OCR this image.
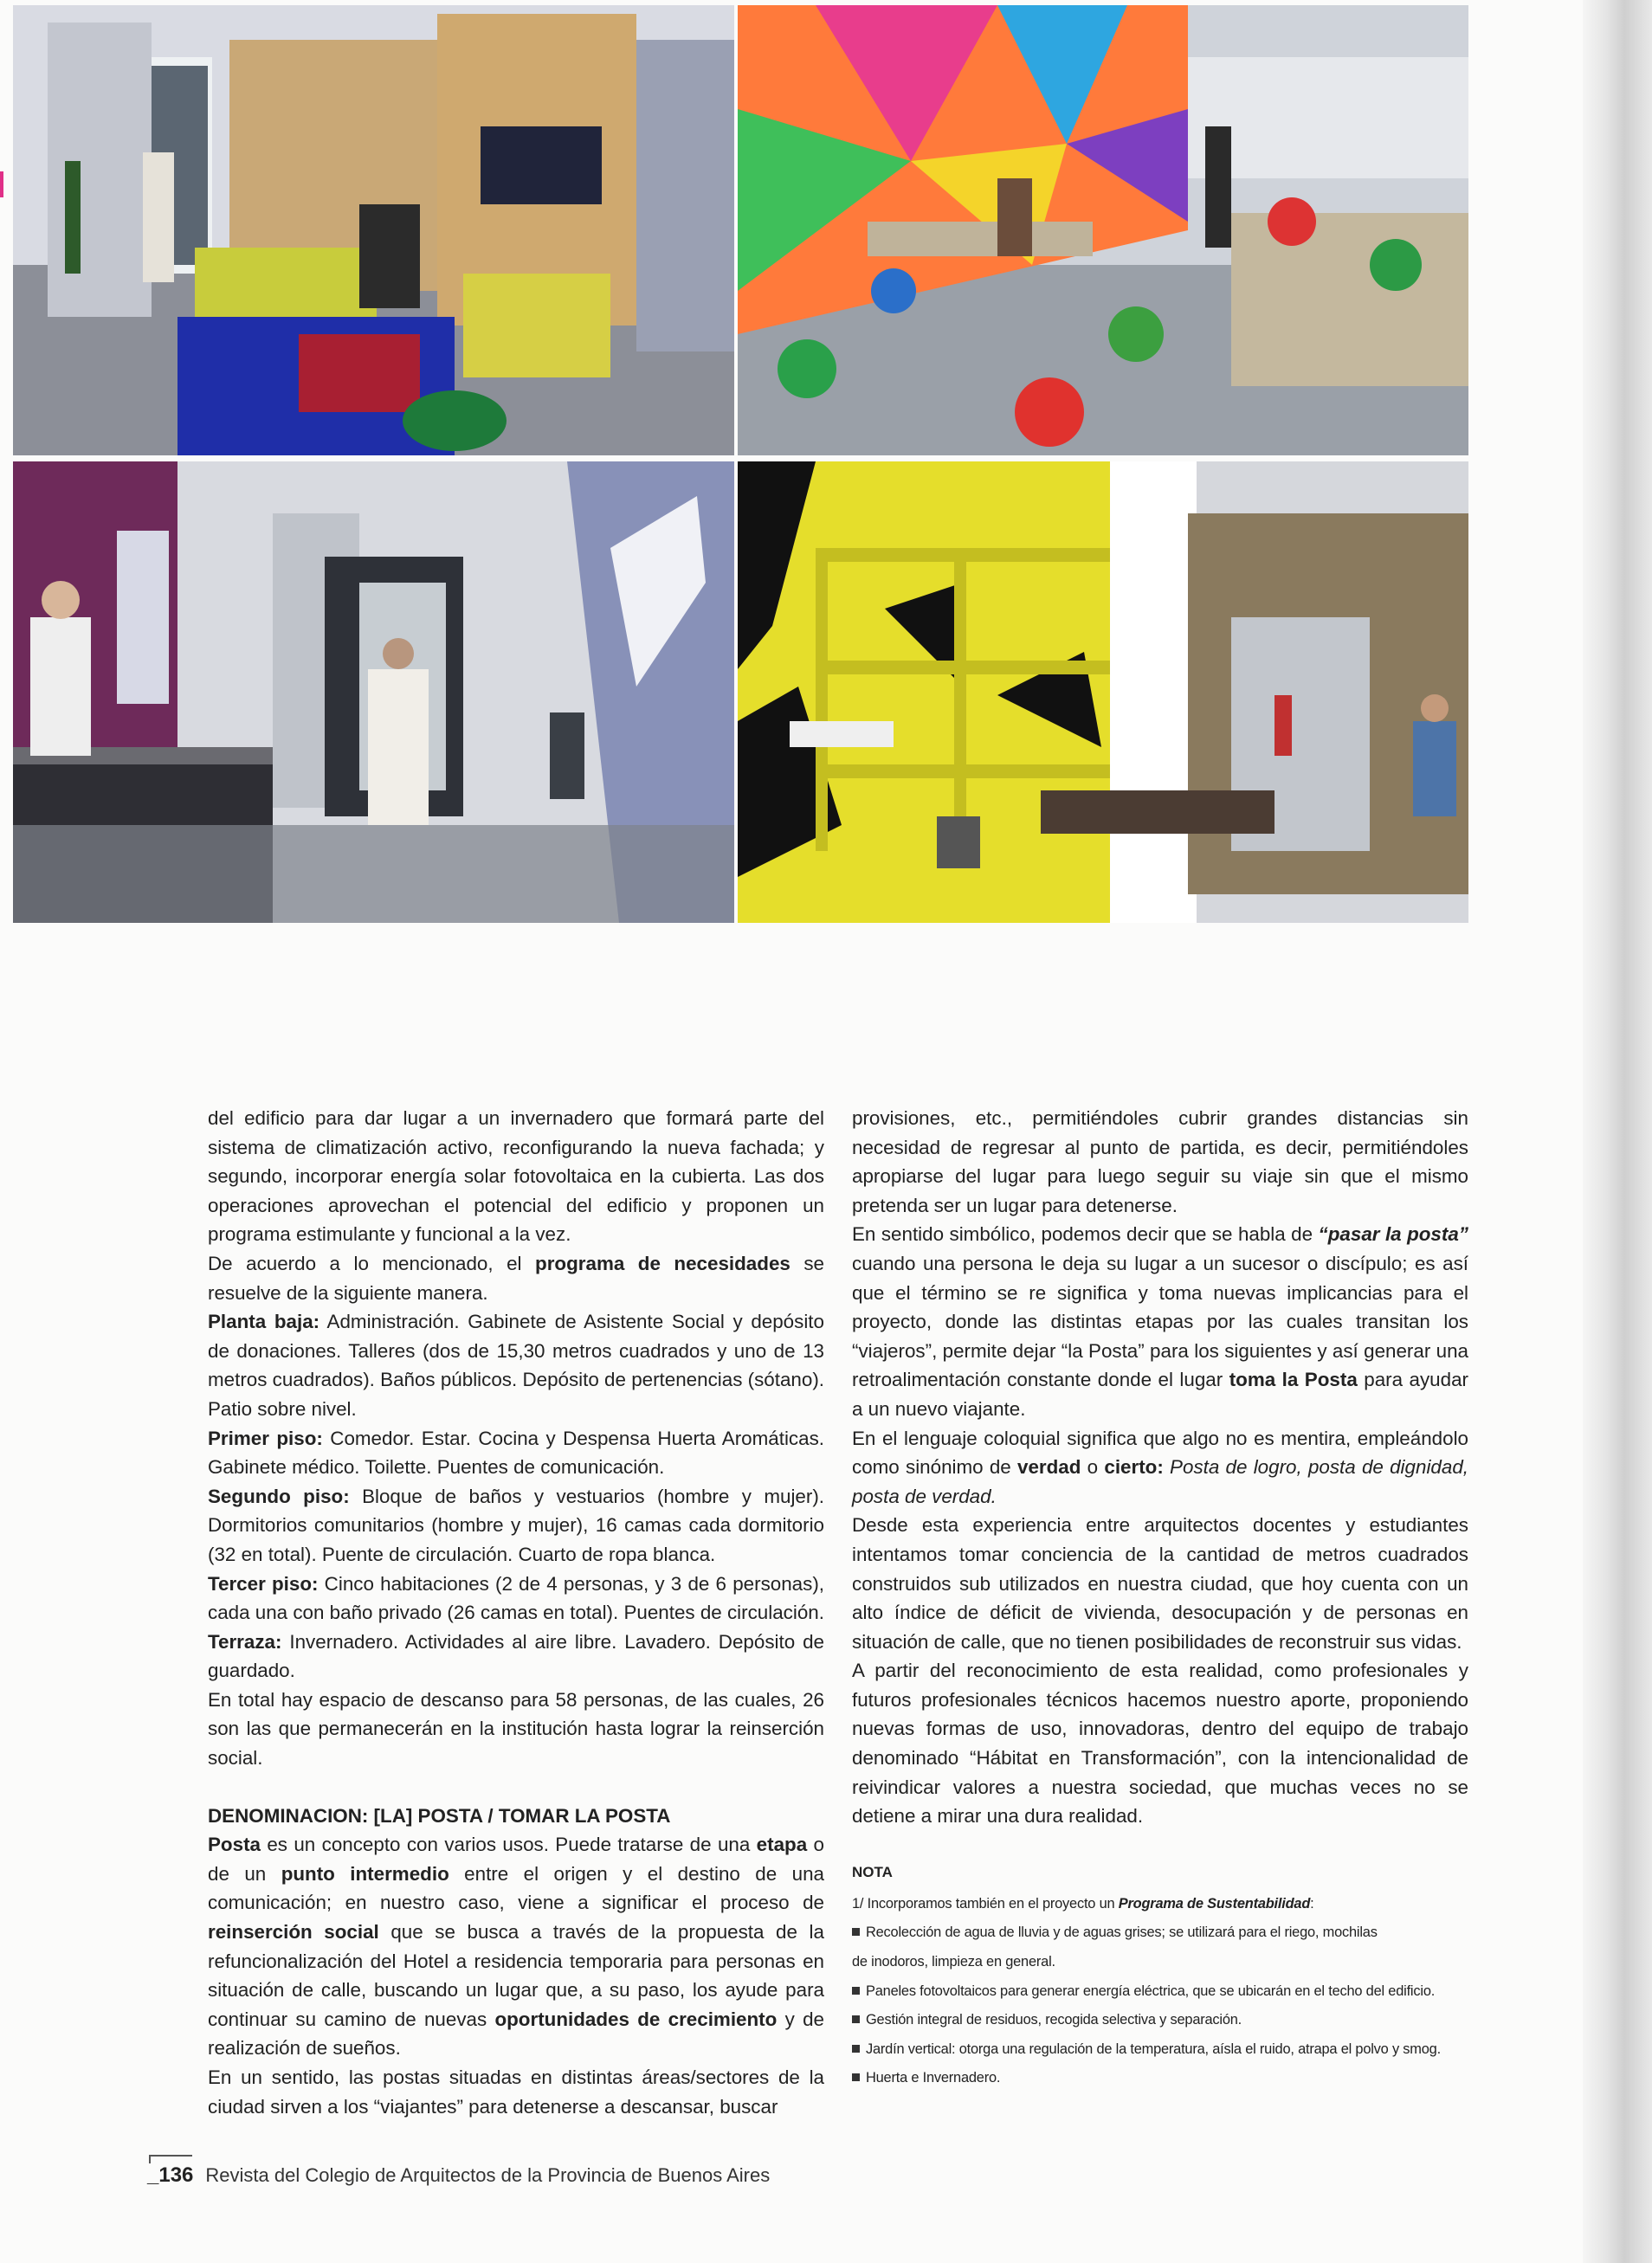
del edificio para dar lugar a un invernadero que formará parte del sistema de climatización activo, reconfigurando la nueva fachada; y segundo, incorporar energía solar fotovoltaica en la cubierta. Las dos operaciones aprovechan el potencial del edificio y proponen un programa estimulante y funcional a la vez.

De acuerdo a lo mencionado, el programa de necesidades se resuelve de la siguiente manera.

Planta baja: Administración. Gabinete de Asistente Social y depósito de donaciones. Talleres (dos de 15,30 metros cuadrados y uno de 13 metros cuadrados). Baños públicos. Depósito de pertenencias (sótano). Patio sobre nivel.

Primer piso: Comedor. Estar. Cocina y Despensa Huerta Aromáticas. Gabinete médico. Toilette. Puentes de comunicación.

Segundo piso: Bloque de baños y vestuarios (hombre y mujer). Dormitorios comunitarios (hombre y mujer), 16 camas cada dormitorio (32 en total). Puente de circulación. Cuarto de ropa blanca.

Tercer piso: Cinco habitaciones (2 de 4 personas, y 3 de 6 personas), cada una con baño privado (26 camas en total). Puentes de circulación.

Terraza: Invernadero. Actividades al aire libre. Lavadero. Depósito de guardado.

En total hay espacio de descanso para 58 personas, de las cuales, 26 son las que permanecerán en la institución hasta lograr la reinserción social.

DENOMINACION: [LA] POSTA / TOMAR LA POSTA

Posta es un concepto con varios usos. Puede tratarse de una etapa o de un punto intermedio entre el origen y el destino de una comunicación; en nuestro caso, viene a significar el proceso de reinserción social que se busca a través de la propuesta de la refuncionalización del Hotel a residencia temporaria para personas en situación de calle, buscando un lugar que, a su paso, los ayude para continuar su camino de nuevas oportunidades de crecimiento y de realización de sueños.

En un sentido, las postas situadas en distintas áreas/sectores de la ciudad sirven a los “viajantes” para detenerse a descansar, buscar

provisiones, etc., permitiéndoles cubrir grandes distancias sin necesidad de regresar al punto de partida, es decir, permitiéndoles apropiarse del lugar para luego seguir su viaje sin que el mismo pretenda ser un lugar para detenerse.

En sentido simbólico, podemos decir que se habla de “pasar la posta” cuando una persona le deja su lugar a un sucesor o discípulo; es así que el término se re significa y toma nuevas implicancias para el proyecto, donde las distintas etapas por las cuales transitan los “viajeros”, permite dejar “la Posta” para los siguientes y así generar una retroalimentación constante donde el lugar toma la Posta para ayudar a un nuevo viajante.

En el lenguaje coloquial significa que algo no es mentira, empleándolo como sinónimo de verdad o cierto: Posta de logro, posta de dignidad, posta de verdad.

Desde esta experiencia entre arquitectos docentes y estudiantes intentamos tomar conciencia de la cantidad de metros cuadrados construidos sub utilizados en nuestra ciudad, que hoy cuenta con un alto índice de déficit de vivienda, desocupación y de personas en situación de calle, que no tienen posibilidades de reconstruir sus vidas.

A partir del reconocimiento de esta realidad, como profesionales y futuros profesionales técnicos hacemos nuestro aporte, proponiendo nuevas formas de uso, innovadoras, dentro del equipo de trabajo denominado “Hábitat en Transformación”, con la intencionalidad de reivindicar valores a nuestra sociedad, que muchas veces no se detiene a mirar una dura realidad.

NOTA
1/ Incorporamos también en el proyecto un Programa de Sustentabilidad:
Recolección de agua de lluvia y de aguas grises; se utilizará para el riego, mochilas
de inodoros, limpieza en general.
Paneles fotovoltaicos para generar energía eléctrica, que se ubicarán en el techo del edificio.
Gestión integral de residuos, recogida selectiva y separación.
Jardín vertical: otorga una regulación de la temperatura, aísla el ruido, atrapa el polvo y smog.
Huerta e Invernadero.
_136 Revista del Colegio de Arquitectos de la Provincia de Buenos Aires
